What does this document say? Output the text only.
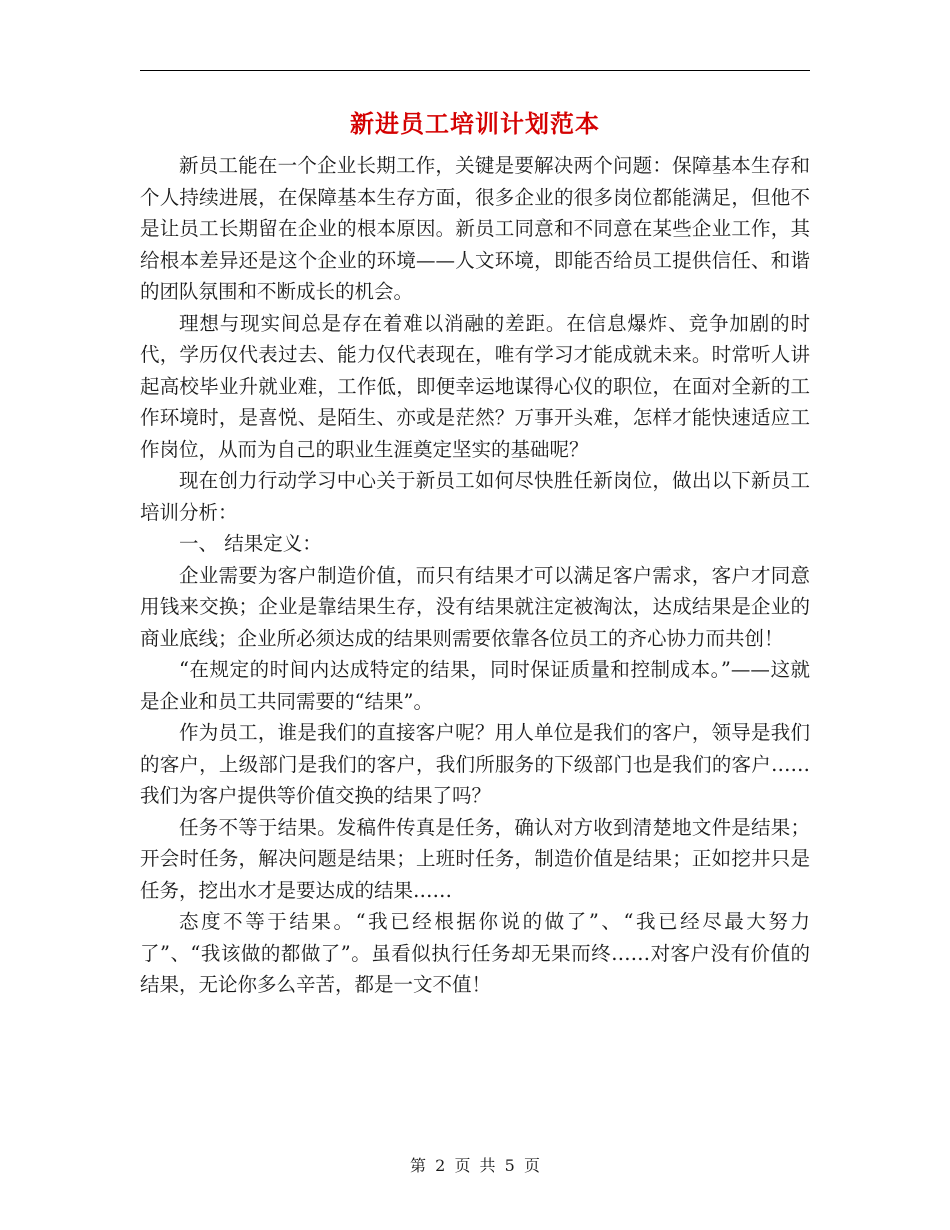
新进员工培训计划范本

新员工能在一个企业长期工作，关键是要解决两个问题：保障基本生存和个人持续进展，在保障基本生存方面，很多企业的很多岗位都能满足，但他不是让员工长期留在企业的根本原因。新员工同意和不同意在某些企业工作，其给根本差异还是这个企业的环境——人文环境，即能否给员工提供信任、和谐的团队氛围和不断成长的机会。

理想与现实间总是存在着难以消融的差距。在信息爆炸、竞争加剧的时代，学历仅代表过去、能力仅代表现在，唯有学习才能成就未来。时常听人讲起高校毕业升就业难，工作低，即便幸运地谋得心仪的职位，在面对全新的工作环境时，是喜悦、是陌生、亦或是茫然？万事开头难，怎样才能快速适应工作岗位，从而为自己的职业生涯奠定坚实的基础呢？

现在创力行动学习中心关于新员工如何尽快胜任新岗位，做出以下新员工培训分析：

一、 结果定义：

企业需要为客户制造价值，而只有结果才可以满足客户需求，客户才同意用钱来交换；企业是靠结果生存，没有结果就注定被淘汰，达成结果是企业的商业底线；企业所必须达成的结果则需要依靠各位员工的齐心协力而共创！

“在规定的时间内达成特定的结果，同时保证质量和控制成本。”——这就是企业和员工共同需要的“结果”。

作为员工，谁是我们的直接客户呢？用人单位是我们的客户，领导是我们的客户，上级部门是我们的客户，我们所服务的下级部门也是我们的客户……我们为客户提供等价值交换的结果了吗？

任务不等于结果。发稿件传真是任务，确认对方收到清楚地文件是结果；开会时任务，解决问题是结果；上班时任务，制造价值是结果；正如挖井只是任务，挖出水才是要达成的结果……

态度不等于结果。“我已经根据你说的做了”、“我已经尽最大努力了”、“我该做的都做了”。虽看似执行任务却无果而终……对客户没有价值的结果，无论你多么辛苦，都是一文不值！

第 2 页 共 5 页
